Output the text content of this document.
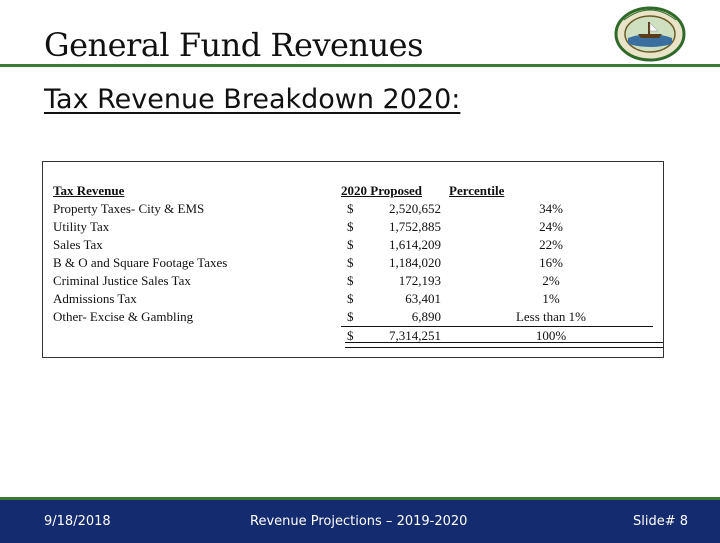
General Fund Revenues
Tax Revenue Breakdown 2020:
Tax Revenue	2020 Proposed		Percentile
Property Taxes- City & EMS	$	2,520,652	34%
Utility Tax	$	1,752,885	24%
Sales Tax	$	1,614,209	22%
B & O and Square Footage Taxes	$	1,184,020	16%
Criminal Justice Sales Tax	$	172,193	2%
Admissions Tax	$	63,401	1%
Other- Excise & Gambling	$	6,890	Less than 1%
	$	7,314,251	100%
9/18/2018	Revenue Projections – 2019-2020	Slide# 8
